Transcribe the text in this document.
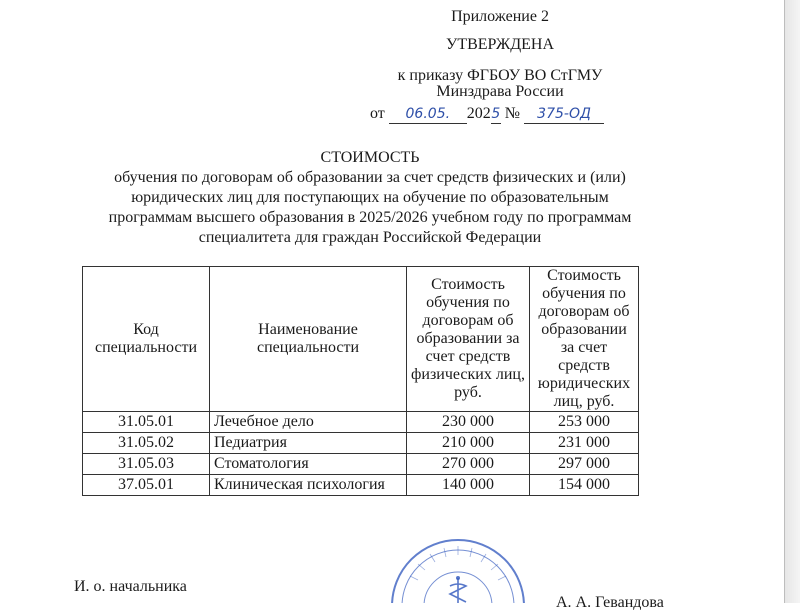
Приложение 2
УТВЕРЖДЕНА
к приказу ФГБОУ ВО СтГМУ
Минздрава России
от 06.05. 2025 № 375-ОД
СТОИМОСТЬ
обучения по договорам об образовании за счет средств физических и (или)
юридических лиц для поступающих на обучение по образовательным
программам высшего образования в 2025/2026 учебном году по программам
специалитета для граждан Российской Федерации
Код специальности	Наименование специальности	Стоимость обучения по договорам об образовании за счет средств физических лиц, руб.	Стоимость обучения по договорам об образовании за счет средств юридических лиц, руб.
31.05.01	Лечебное дело	230 000	253 000
31.05.02	Педиатрия	210 000	231 000
31.05.03	Стоматология	270 000	297 000
37.05.01	Клиническая психология	140 000	154 000
И. о. начальника
А. А. Гевандова
